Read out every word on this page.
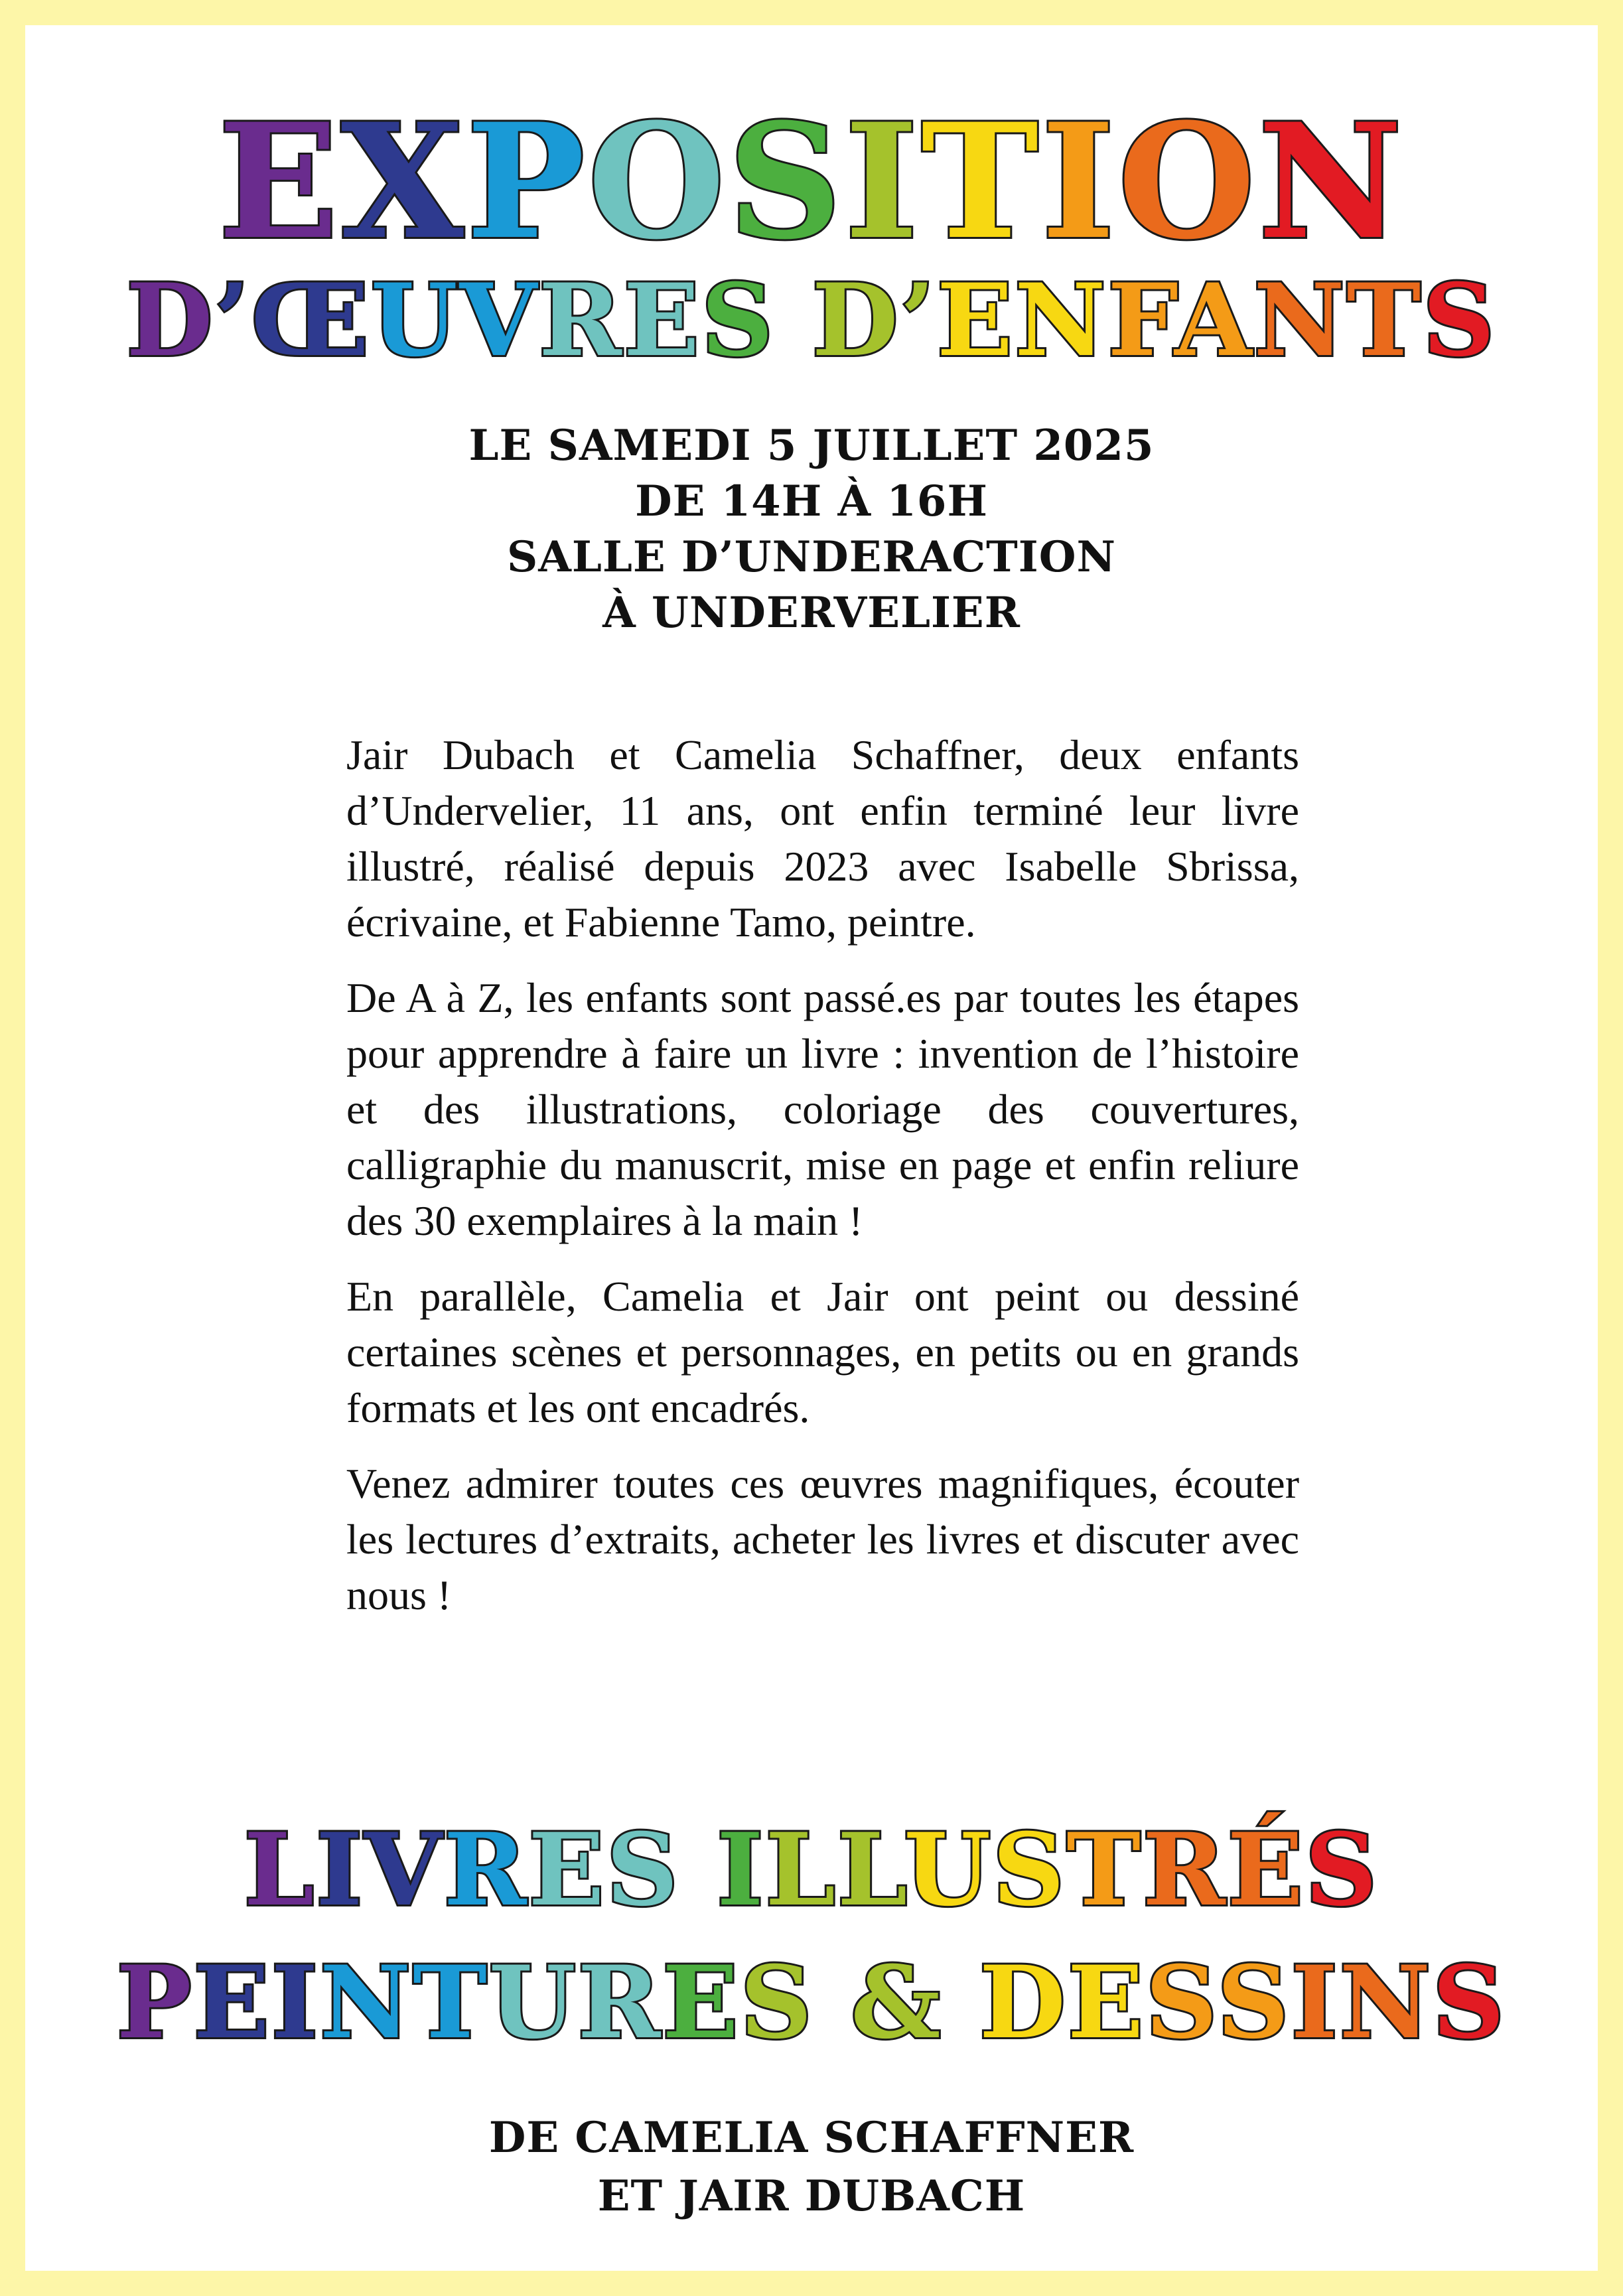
EXPOSITION
D’ŒUVRES D’ENFANTS
LE SAMEDI 5 JUILLET 2025
DE 14H À 16H
SALLE D’UNDERACTION
À UNDERVELIER

Jair Dubach et Camelia Schaffner, deux enfants d’Undervelier, 11 ans, ont enfin terminé leur livre illustré, réalisé depuis 2023 avec Isabelle Sbrissa, écrivaine, et Fabienne Tamo, peintre.

De A à Z, les enfants sont passé.es par toutes les étapes pour apprendre à faire un livre : invention de l’histoire et des illustrations, coloriage des couvertures, calligraphie du manuscrit, mise en page et enfin reliure des 30 exemplaires à la main !

En parallèle, Camelia et Jair ont peint ou dessiné certaines scènes et personnages, en petits ou en grands formats et les ont encadrés.

Venez admirer toutes ces œuvres magnifiques, écouter les lectures d’extraits, acheter les livres et discuter avec nous !

LIVRES ILLUSTRÉS
PEINTURES & DESSINS
DE CAMELIA SCHAFFNER
ET JAIR DUBACH
